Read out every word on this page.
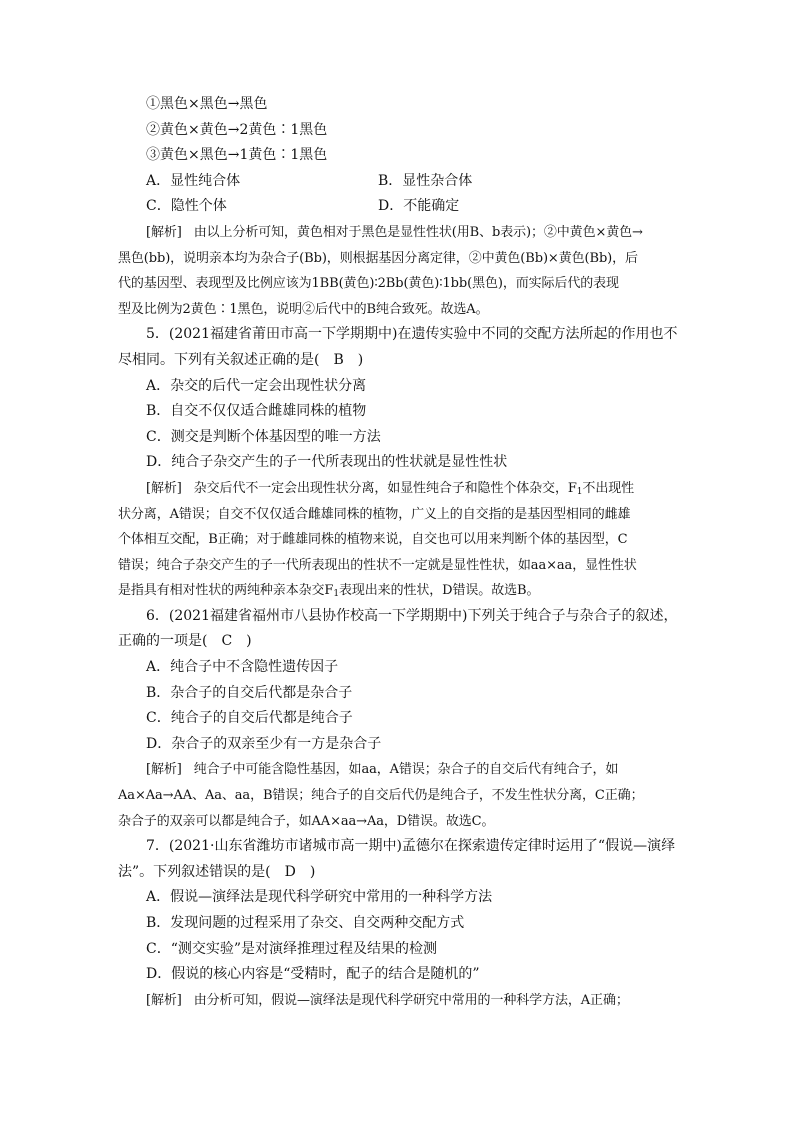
①黑色×黑色→黑色
②黄色×黄色→2黄色∶1黑色
③黄色×黑色→1黄色∶1黑色
A．显性纯合体	B．显性杂合体
C．隐性个体	D．不能确定
[解析] 由以上分析可知，黄色相对于黑色是显性性状(用B、b表示)；②中黄色×黄色→
黑色(bb)，说明亲本均为杂合子(Bb)，则根据基因分离定律，②中黄色(Bb)×黄色(Bb)，后
代的基因型、表现型及比例应该为1BB(黄色)∶2Bb(黄色)∶1bb(黑色)，而实际后代的表现
型及比例为2黄色∶1黑色，说明②后代中的B纯合致死。故选A。
5．(2021福建省莆田市高一下学期期中)在遗传实验中不同的交配方法所起的作用也不
尽相同。下列有关叙述正确的是(　B　)
A．杂交的后代一定会出现性状分离
B．自交不仅仅适合雌雄同株的植物
C．测交是判断个体基因型的唯一方法
D．纯合子杂交产生的子一代所表现出的性状就是显性性状
[解析] 杂交后代不一定会出现性状分离，如显性纯合子和隐性个体杂交，$F_1$不出现性
状分离，A错误；自交不仅仅适合雌雄同株的植物，广义上的自交指的是基因型相同的雌雄
个体相互交配，B正确；对于雌雄同株的植物来说，自交也可以用来判断个体的基因型，C
错误；纯合子杂交产生的子一代所表现出的性状不一定就是显性性状，如aa×aa，显性性状
是指具有相对性状的两纯种亲本杂交$F_1$表现出来的性状，D错误。故选B。
6．(2021福建省福州市八县协作校高一下学期期中)下列关于纯合子与杂合子的叙述，
正确的一项是(　C　)
A．纯合子中不含隐性遗传因子
B．杂合子的自交后代都是杂合子
C．纯合子的自交后代都是纯合子
D．杂合子的双亲至少有一方是杂合子
[解析] 纯合子中可能含隐性基因，如aa，A错误；杂合子的自交后代有纯合子，如
Aa×Aa→AA、Aa、aa，B错误；纯合子的自交后代仍是纯合子，不发生性状分离，C正确；
杂合子的双亲可以都是纯合子，如AA×aa→Aa，D错误。故选C。
7．(2021·山东省潍坊市诸城市高一期中)孟德尔在探索遗传定律时运用了“假说—演绎
法”。下列叙述错误的是(　D　)
A．假说—演绎法是现代科学研究中常用的一种科学方法
B．发现问题的过程采用了杂交、自交两种交配方式
C．“测交实验”是对演绎推理过程及结果的检测
D．假说的核心内容是“受精时，配子的结合是随机的”
[解析] 由分析可知，假说—演绎法是现代科学研究中常用的一种科学方法，A正确；
